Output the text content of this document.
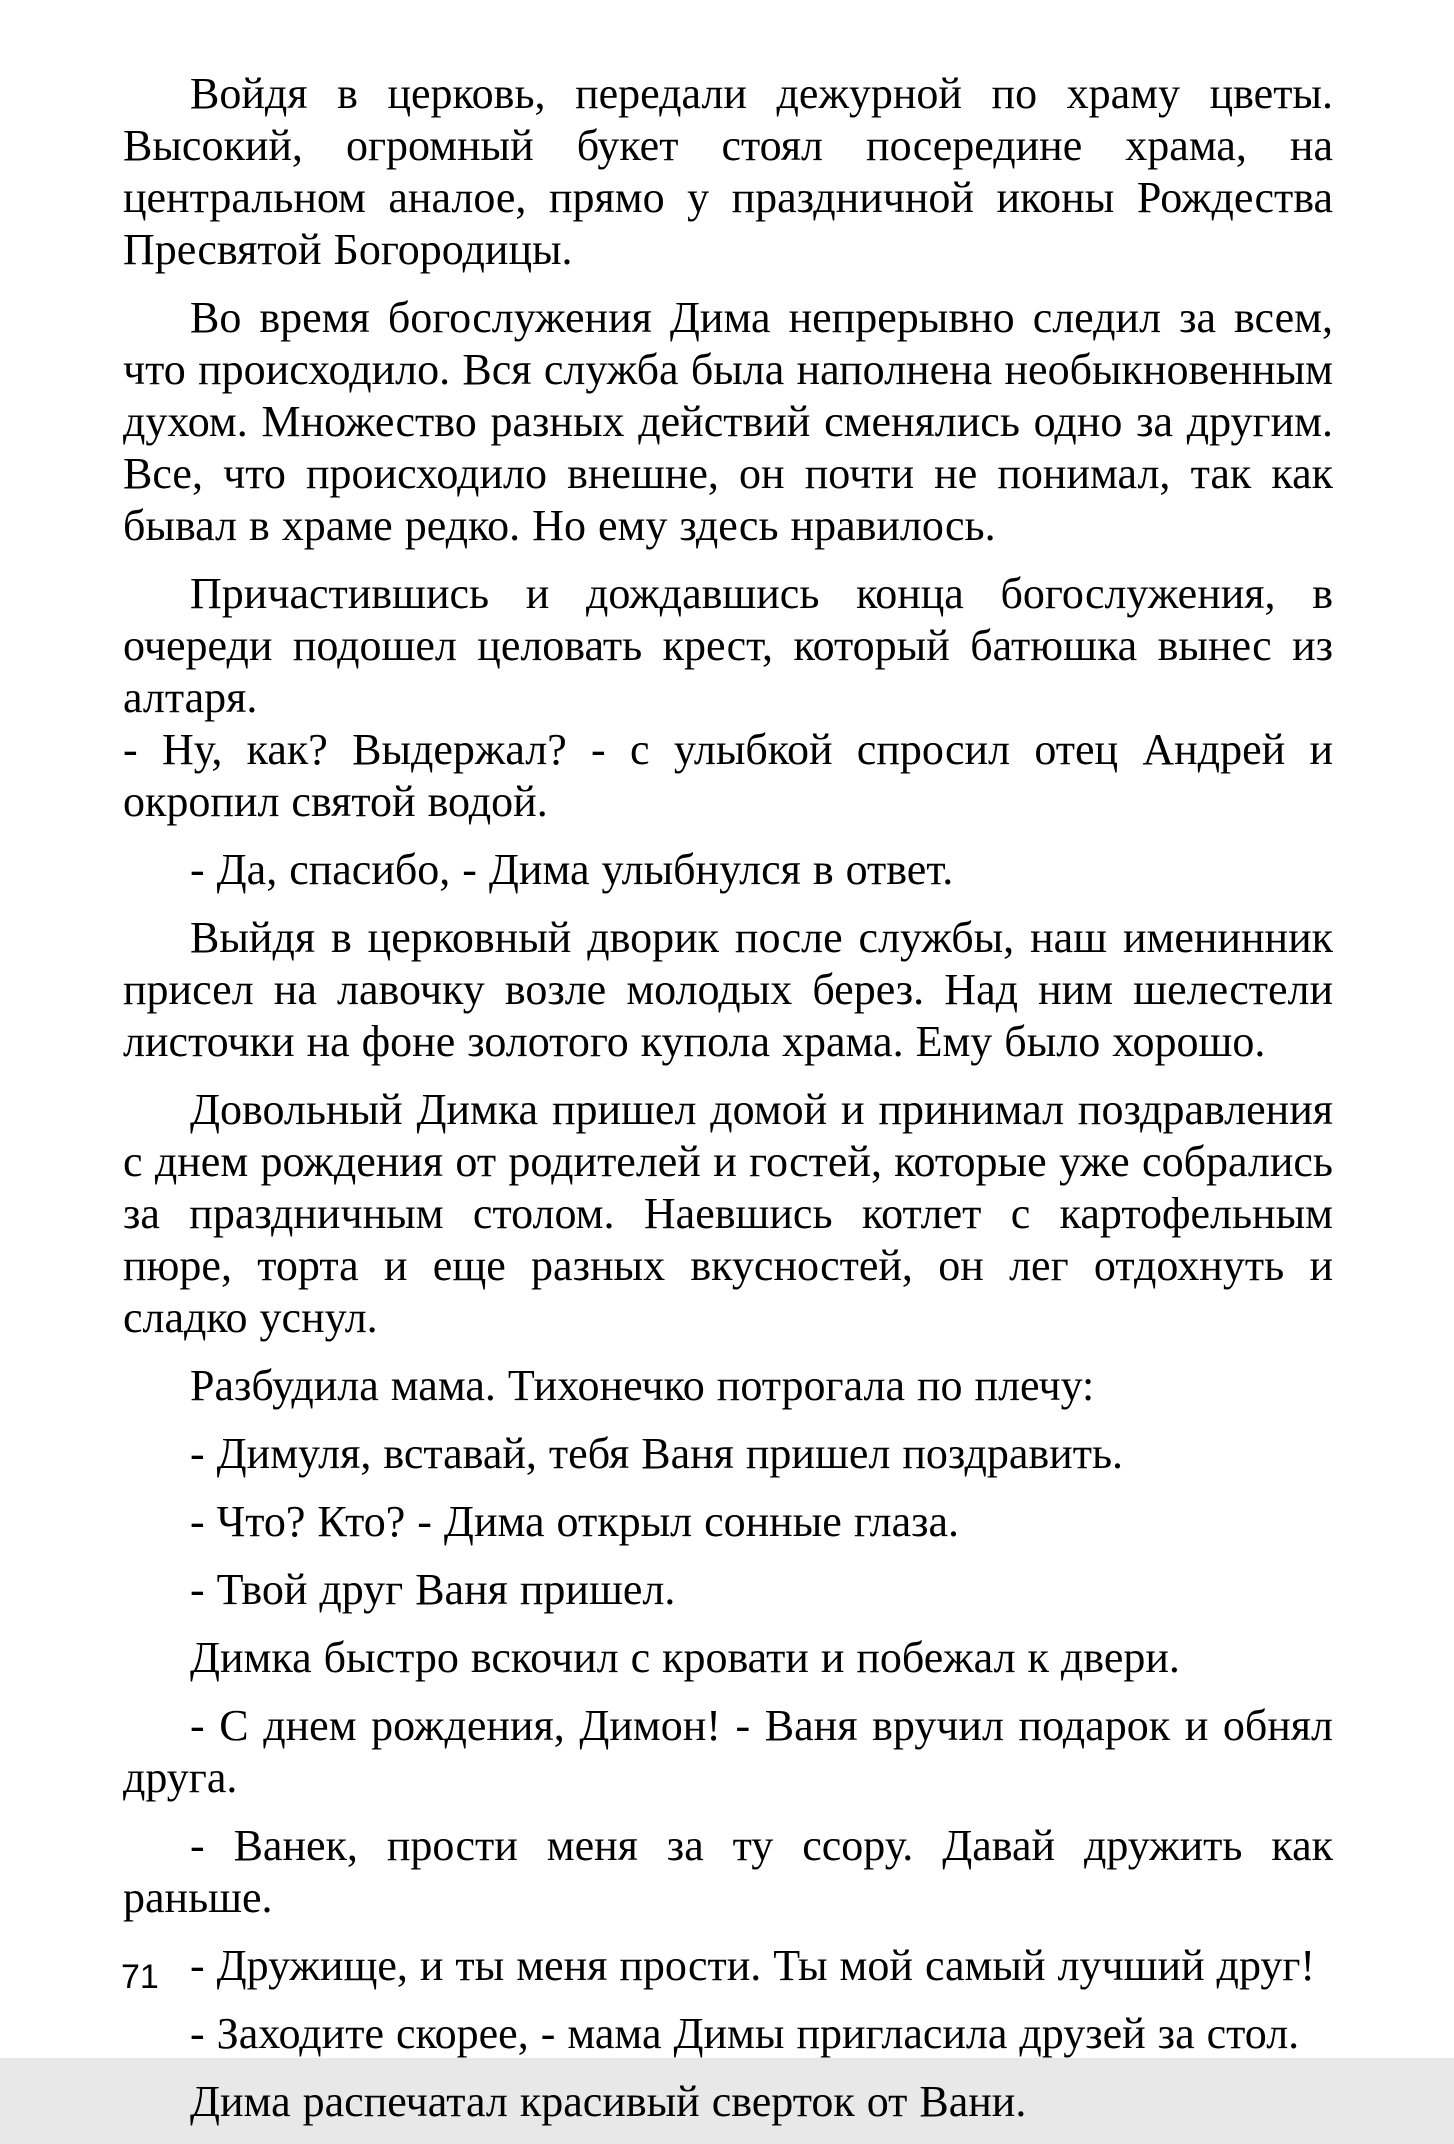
Войдя в церковь, передали дежурной по храму цветы. Высокий, огромный букет стоял посередине храма, на центральном аналое, прямо у праздничной иконы Рождества Пресвятой Богородицы.

Во время богослужения Дима непрерывно следил за всем, что происходило. Вся служба была наполнена необыкновенным духом. Множество разных действий сменялись одно за другим. Все, что происходило внешне, он почти не понимал, так как бывал в храме редко. Но ему здесь нравилось.

Причастившись и дождавшись конца богослужения, в очереди подошел целовать крест, который батюшка вынес из алтаря.

- Ну, как? Выдержал? - с улыбкой спросил отец Андрей и окропил святой водой.

- Да, спасибо, - Дима улыбнулся в ответ.

Выйдя в церковный дворик после службы, наш именинник присел на лавочку возле молодых берез. Над ним шелестели листочки на фоне золотого купола храма. Ему было хорошо.

Довольный Димка пришел домой и принимал поздравления с днем рождения от родителей и гостей, которые уже собрались за праздничным столом. Наевшись котлет с картофельным пюре, торта и еще разных вкусностей, он лег отдохнуть и сладко уснул.

Разбудила мама. Тихонечко потрогала по плечу:

- Димуля, вставай, тебя Ваня пришел поздравить.

- Что? Кто? - Дима открыл сонные глаза.

- Твой друг Ваня пришел.

Димка быстро вскочил с кровати и побежал к двери.

- С днем рождения, Димон! - Ваня вручил подарок и обнял друга.

- Ванек, прости меня за ту ссору. Давай дружить как раньше.

- Дружище, и ты меня прости. Ты мой самый лучший друг!

- Заходите скорее, - мама Димы пригласила друзей за стол.

Дима распечатал красивый сверток от Вани.

71
